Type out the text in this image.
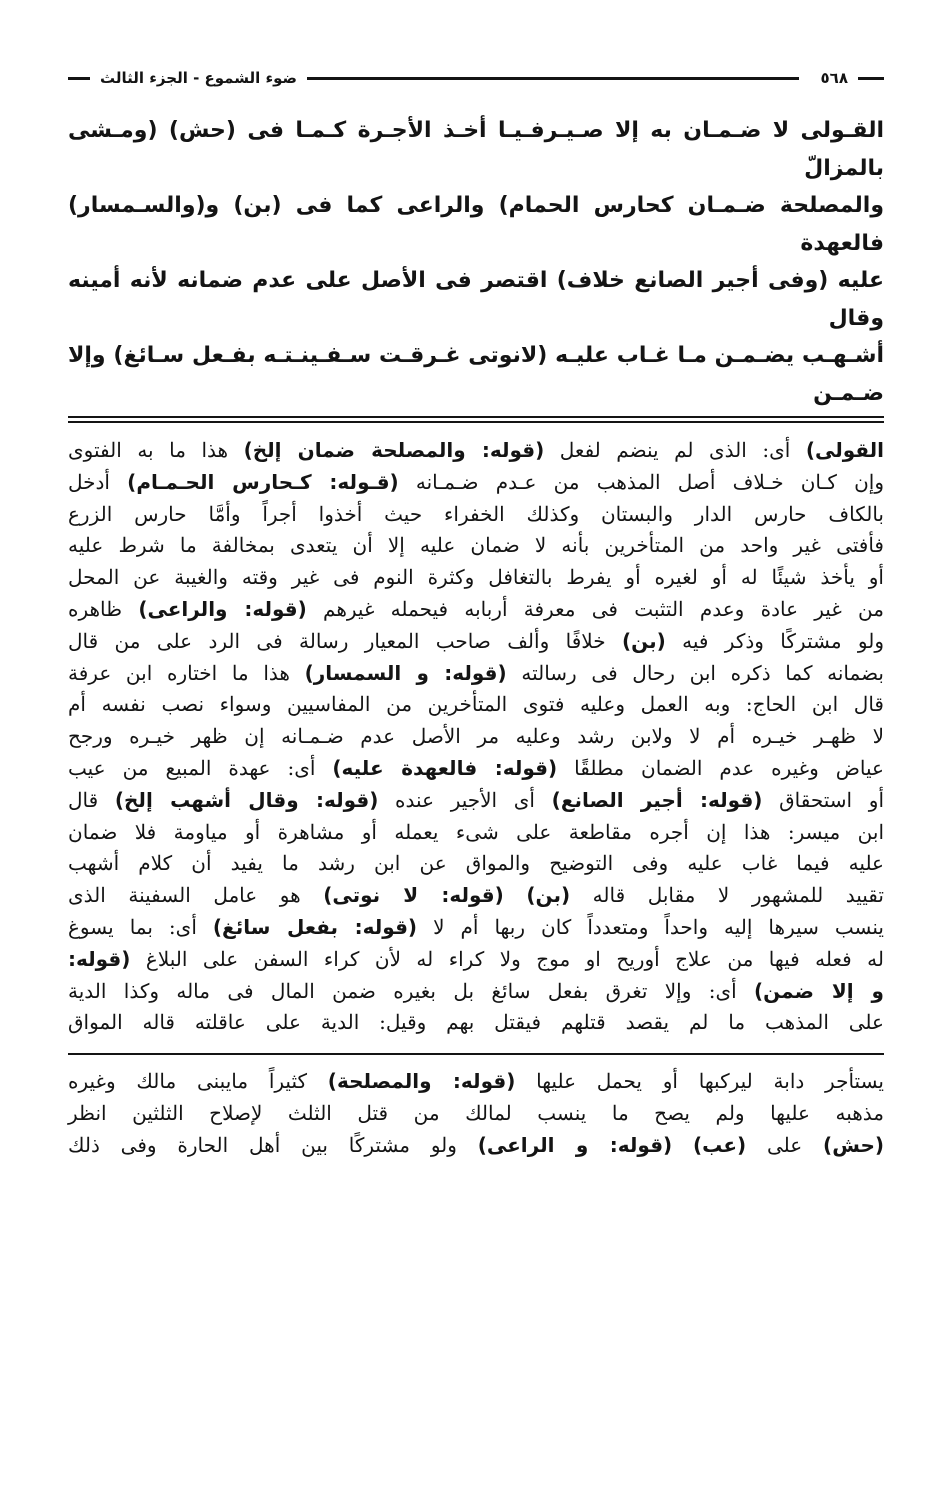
٥٦٨
ضوء الشموع - الجزء الثالث
القـولى لا ضـمـان به إلا صـيـرفـيـا أخـذ الأجـرة كـمـا فى (حش) (ومـشى بالمزالّ
والمصلحة ضـمـان كحارس الحمام) والراعى كما فى (بن) و(والسـمسار) فالعهدة
عليه (وفى أجير الصانع خلاف) اقتصر فى الأصل على عدم ضمانه لأنه أمينه وقال
أشـهـب يضـمـن مـا غـاب عليـه (لانوتى غـرقـت سـفـينـتـه بفـعل سـائغ) وإلا ضـمـن
القولى) أى: الذى لم ينضم لفعل (قوله: والمصلحة ضمان إلخ) هذا ما به الفتوى
وإن كـان خـلاف أصل المذهب من عـدم ضـمـانه (قـوله: كـحارس الحـمـام) أدخل
بالكاف حارس الدار والبستان وكذلك الخفراء حيث أخذوا أجراً وأمَّا حارس الزرع
فأفتى غير واحد من المتأخرين بأنه لا ضمان عليه إلا أن يتعدى بمخالفة ما شرط عليه
أو يأخذ شيئًا له أو لغيره أو يفرط بالتغافل وكثرة النوم فى غير وقته والغيبة عن المحل
من غير عادة وعدم التثبت فى معرفة أربابه فيحمله غيرهم (قوله: والراعى) ظاهره
ولو مشتركًا وذكر فيه (بن) خلافًا وألف صاحب المعيار رسالة فى الرد على من قال
بضمانه كما ذكره ابن رحال فى رسالته (قوله: و السمسار) هذا ما اختاره ابن عرفة
قال ابن الحاج: وبه العمل وعليه فتوى المتأخرين من المفاسيين وسواء نصب نفسه أم
لا ظهـر خيـره أم لا ولابن رشد وعليه مر الأصل عدم ضـمـانه إن ظهر خيـره ورجح
عياض وغيره عدم الضمان مطلقًا (قوله: فالعهدة عليه) أى: عهدة المبيع من عيب
أو استحقاق (قوله: أجير الصانع) أى الأجير عنده (قوله: وقال أشهب إلخ) قال
ابن ميسر: هذا إن أجره مقاطعة على شىء يعمله أو مشاهرة أو مياومة فلا ضمان
عليه فيما غاب عليه وفى التوضيح والمواق عن ابن رشد ما يفيد أن كلام أشهب
تقييد للمشهور لا مقابل قاله (بن) (قوله: لا نوتى) هو عامل السفينة الذى
ينسب سيرها إليه واحداً ومتعدداً كان ربها أم لا (قوله: بفعل سائغ) أى: بما يسوغ
له فعله فيها من علاج أوريح او موج ولا كراء له لأن كراء السفن على البلاغ (قوله:
و إلا ضمن) أى: وإلا تغرق بفعل سائغ بل بغيره ضمن المال فى ماله وكذا الدية
على المذهب ما لم يقصد قتلهم فيقتل بهم وقيل: الدية على عاقلته قاله المواق
يستأجر دابة ليركبها أو يحمل عليها (قوله: والمصلحة) كثيراً مايبنى مالك وغيره
مذهبه عليها ولم يصح ما ينسب لمالك من قتل الثلث لإصلاح الثلثين انظر
(حش) على (عب) (قوله: و الراعى) ولو مشتركًا بين أهل الحارة وفى ذلك
